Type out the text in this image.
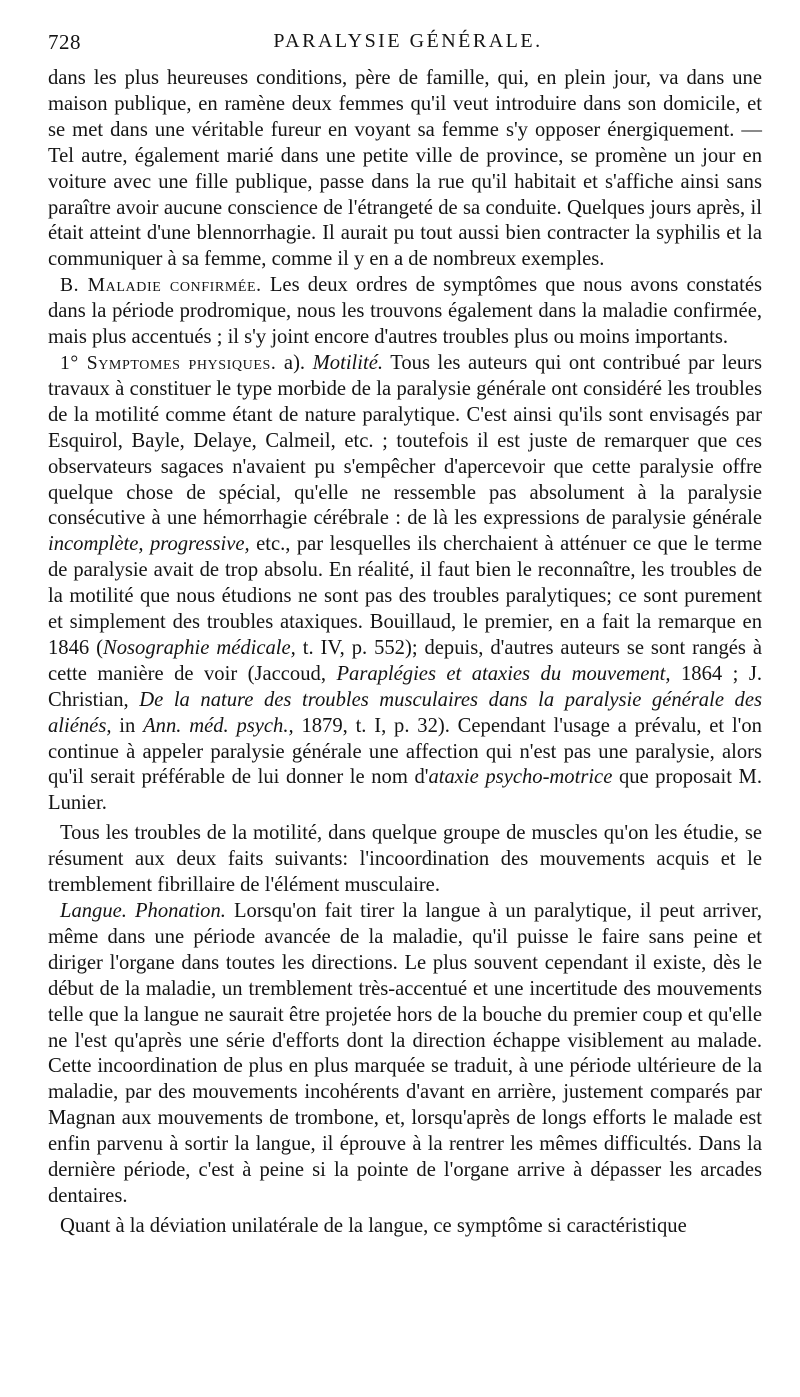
728	PARALYSIE GÉNÉRALE.

dans les plus heureuses conditions, père de famille, qui, en plein jour, va dans une maison publique, en ramène deux femmes qu'il veut introduire dans son domicile, et se met dans une véritable fureur en voyant sa femme s'y opposer énergiquement. — Tel autre, également marié dans une petite ville de province, se promène un jour en voiture avec une fille publique, passe dans la rue qu'il habitait et s'affiche ainsi sans paraître avoir aucune conscience de l'étrangeté de sa conduite. Quelques jours après, il était atteint d'une blennorrhagie. Il aurait pu tout aussi bien contracter la syphilis et la communiquer à sa femme, comme il y en a de nombreux exemples.

B. Maladie confirmée. Les deux ordres de symptômes que nous avons constatés dans la période prodromique, nous les trouvons également dans la maladie confirmée, mais plus accentués ; il s'y joint encore d'autres troubles plus ou moins importants.

1° Symptomes physiques. a). Motilité. Tous les auteurs qui ont contribué par leurs travaux à constituer le type morbide de la paralysie générale ont considéré les troubles de la motilité comme étant de nature paralytique. C'est ainsi qu'ils sont envisagés par Esquirol, Bayle, Delaye, Calmeil, etc. ; toutefois il est juste de remarquer que ces observateurs sagaces n'avaient pu s'empêcher d'apercevoir que cette paralysie offre quelque chose de spécial, qu'elle ne ressemble pas absolument à la paralysie consécutive à une hémorrhagie cérébrale : de là les expressions de paralysie générale incomplète, progressive, etc., par lesquelles ils cherchaient à atténuer ce que le terme de paralysie avait de trop absolu. En réalité, il faut bien le reconnaître, les troubles de la motilité que nous étudions ne sont pas des troubles paralytiques; ce sont purement et simplement des troubles ataxiques. Bouillaud, le premier, en a fait la remarque en 1846 (Nosographie médicale, t. IV, p. 552); depuis, d'autres auteurs se sont rangés à cette manière de voir (Jaccoud, Paraplégies et ataxies du mouvement, 1864 ; J. Christian, De la nature des troubles musculaires dans la paralysie générale des aliénés, in Ann. méd. psych., 1879, t. I, p. 32). Cependant l'usage a prévalu, et l'on continue à appeler paralysie générale une affection qui n'est pas une paralysie, alors qu'il serait préférable de lui donner le nom d'ataxie psycho-motrice que proposait M. Lunier.

Tous les troubles de la motilité, dans quelque groupe de muscles qu'on les étudie, se résument aux deux faits suivants: l'incoordination des mouvements acquis et le tremblement fibrillaire de l'élément musculaire.

Langue. Phonation. Lorsqu'on fait tirer la langue à un paralytique, il peut arriver, même dans une période avancée de la maladie, qu'il puisse le faire sans peine et diriger l'organe dans toutes les directions. Le plus souvent cependant il existe, dès le début de la maladie, un tremblement très-accentué et une incertitude des mouvements telle que la langue ne saurait être projetée hors de la bouche du premier coup et qu'elle ne l'est qu'après une série d'efforts dont la direction échappe visiblement au malade. Cette incoordination de plus en plus marquée se traduit, à une période ultérieure de la maladie, par des mouvements incohérents d'avant en arrière, justement comparés par Magnan aux mouvements de trombone, et, lorsqu'après de longs efforts le malade est enfin parvenu à sortir la langue, il éprouve à la rentrer les mêmes difficultés. Dans la dernière période, c'est à peine si la pointe de l'organe arrive à dépasser les arcades dentaires.

Quant à la déviation unilatérale de la langue, ce symptôme si caractéristique
